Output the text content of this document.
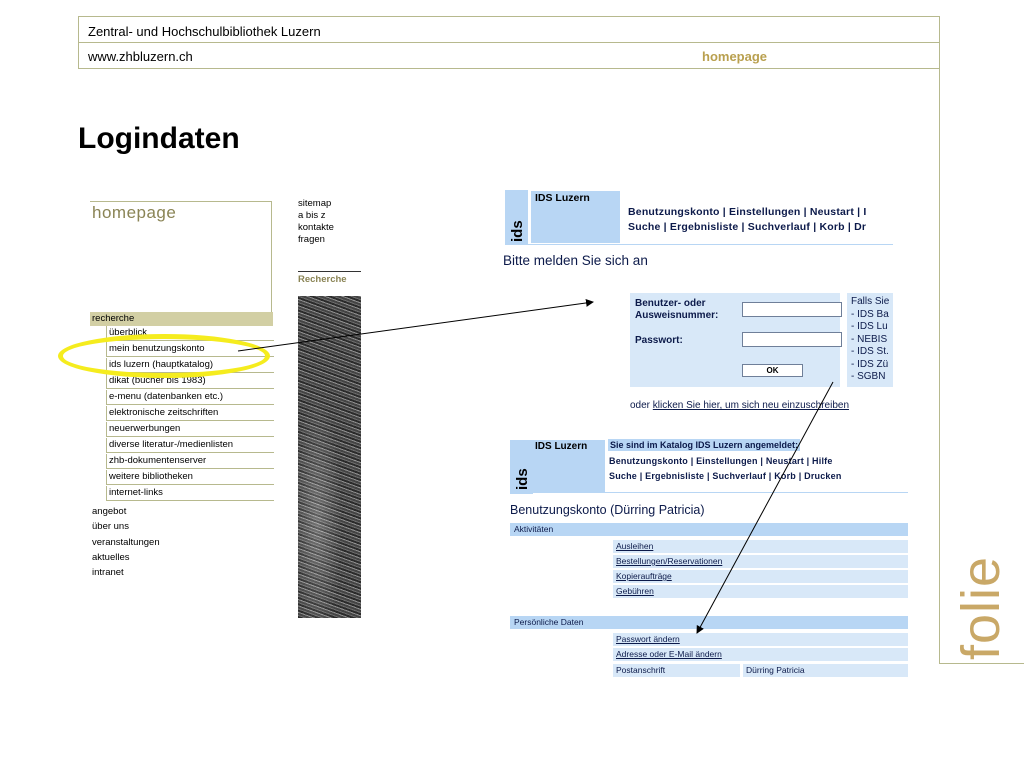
Zentral- und Hochschulbibliothek Luzern
www.zhbluzern.ch	homepage
Logindaten
folie
homepage	sitemap
a bis z
kontakte
fragen
Recherche
recherche
überblick
mein benutzungskonto
ids luzern (hauptkatalog)
dikat (bücher bis 1983)
e-menu (datenbanken etc.)
elektronische zeitschriften
neuerwerbungen
diverse literatur-/medienlisten
zhb-dokumentenserver
weitere bibliotheken
internet-links
angebot
über uns
veranstaltungen
aktuelles
intranet
ids
IDS Luzern
Benutzungskonto | Einstellungen | Neustart | I
Suche | Ergebnisliste | Suchverlauf | Korb | Dr
Bitte melden Sie sich an
Benutzer- oder
Ausweisnummer:
Passwort:
OK
Falls Sie
- IDS Ba
- IDS Lu
- NEBIS
- IDS St.
- IDS Zü
- SGBN
oder klicken Sie hier, um sich neu einzuschreiben
ids
IDS Luzern	Sie sind im Katalog IDS Luzern angemeldet:
Benutzungskonto | Einstellungen | Neustart | Hilfe
Suche | Ergebnisliste | Suchverlauf | Korb | Drucken
Benutzungskonto (Dürring Patricia)
Aktivitäten
Ausleihen
Bestellungen/Reservationen
Kopieraufträge
Gebühren
Persönliche Daten
Passwort ändern
Adresse oder E-Mail ändern
Postanschrift	Dürring Patricia
